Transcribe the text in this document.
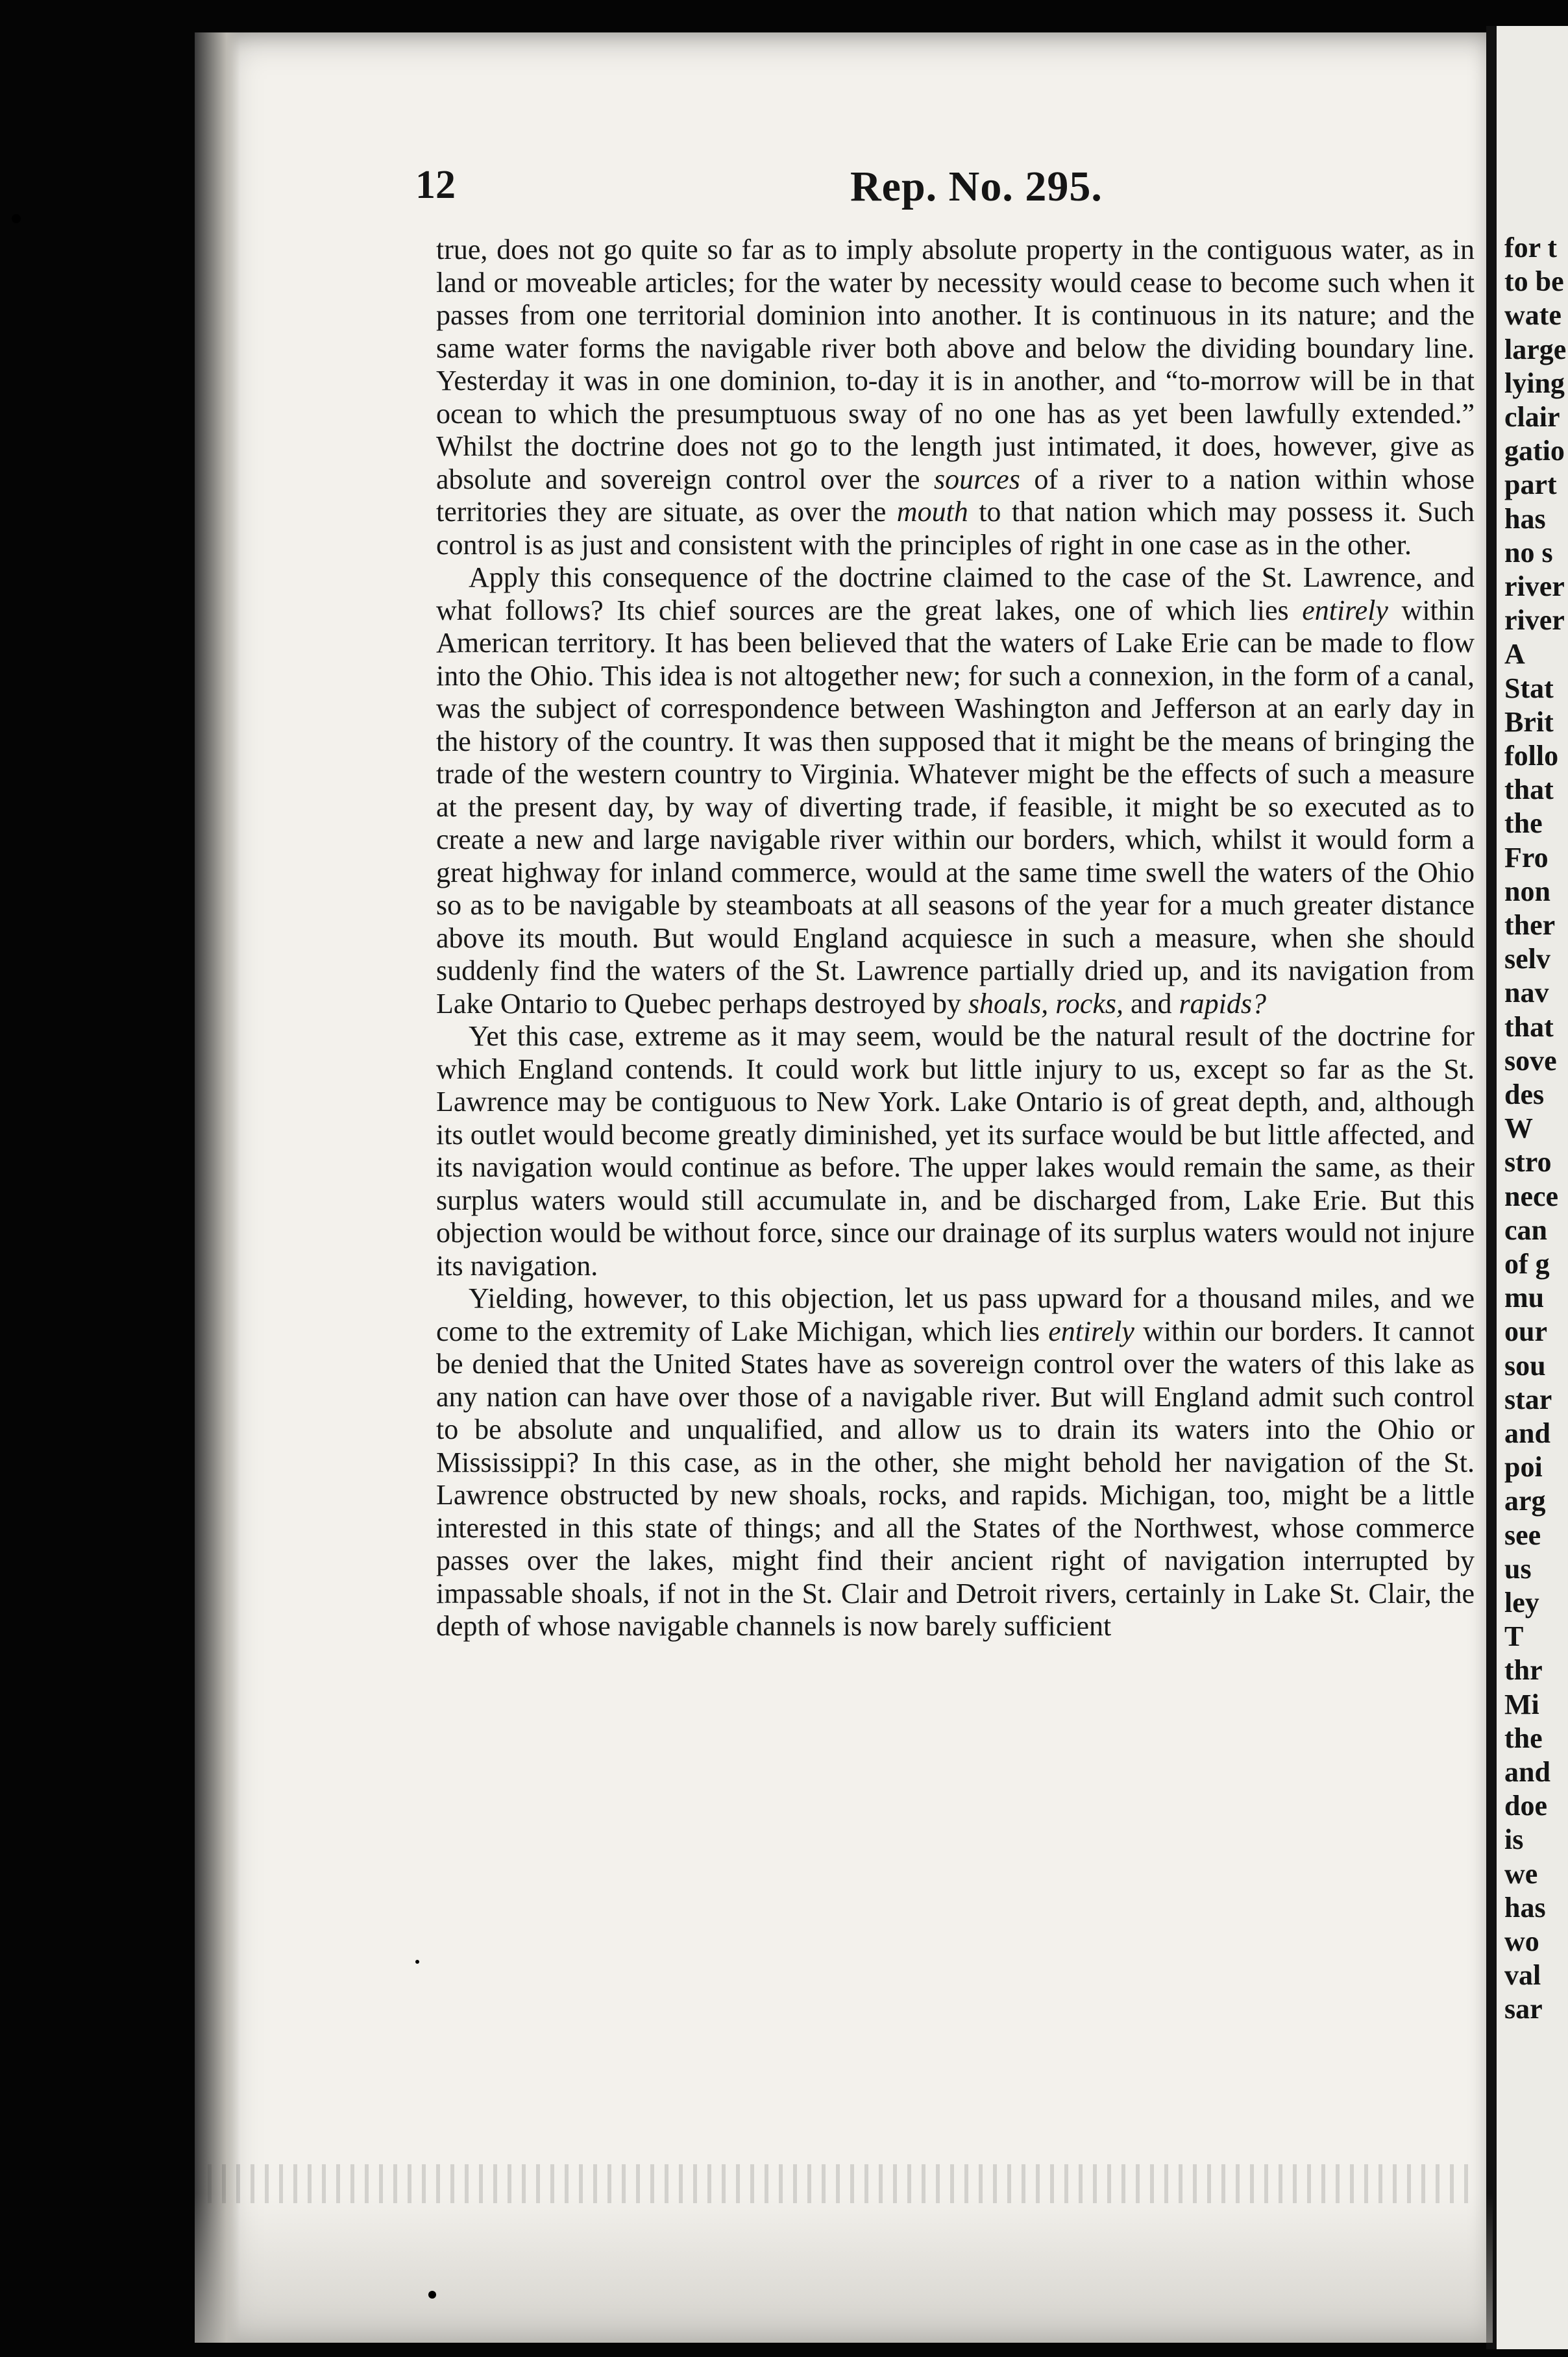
for t
to be
wate
large
lying
clair
gatio
part
has
no s
river
river
A
Stat
Brit
follo
that
the
Fro
non
ther
selv
nav
that
sove
des
W
stro
nece
can
of g
mu
our
sou
star
and
poi
arg
see
us
ley
T
thr
Mi
the
and
doe
is
we
has
wo
val
sar
12	Rep. No. 295.

true, does not go quite so far as to imply absolute property in the contiguous water, as in land or moveable articles; for the water by necessity would cease to become such when it passes from one territorial dominion into another. It is continuous in its nature; and the same water forms the navigable river both above and below the dividing boundary line. Yesterday it was in one dominion, to-day it is in another, and “to-morrow will be in that ocean to which the presumptuous sway of no one has as yet been lawfully extended.” Whilst the doctrine does not go to the length just intimated, it does, however, give as absolute and sovereign control over the sources of a river to a nation within whose territories they are situate, as over the mouth to that nation which may possess it. Such control is as just and consistent with the principles of right in one case as in the other.

Apply this consequence of the doctrine claimed to the case of the St. Lawrence, and what follows? Its chief sources are the great lakes, one of which lies entirely within American territory. It has been believed that the waters of Lake Erie can be made to flow into the Ohio. This idea is not altogether new; for such a connexion, in the form of a canal, was the subject of correspondence between Washington and Jefferson at an early day in the history of the country. It was then supposed that it might be the means of bringing the trade of the western country to Virginia. Whatever might be the effects of such a measure at the present day, by way of diverting trade, if feasible, it might be so executed as to create a new and large navigable river within our borders, which, whilst it would form a great highway for inland commerce, would at the same time swell the waters of the Ohio so as to be navigable by steamboats at all seasons of the year for a much greater distance above its mouth. But would England acquiesce in such a measure, when she should suddenly find the waters of the St. Lawrence partially dried up, and its navigation from Lake Ontario to Quebec perhaps destroyed by shoals, rocks, and rapids?

Yet this case, extreme as it may seem, would be the natural result of the doctrine for which England contends. It could work but little injury to us, except so far as the St. Lawrence may be contiguous to New York. Lake Ontario is of great depth, and, although its outlet would become greatly diminished, yet its surface would be but little affected, and its navigation would continue as before. The upper lakes would remain the same, as their surplus waters would still accumulate in, and be discharged from, Lake Erie. But this objection would be without force, since our drainage of its surplus waters would not injure its navigation.

Yielding, however, to this objection, let us pass upward for a thousand miles, and we come to the extremity of Lake Michigan, which lies entirely within our borders. It cannot be denied that the United States have as sovereign control over the waters of this lake as any nation can have over those of a navigable river. But will England admit such control to be absolute and unqualified, and allow us to drain its waters into the Ohio or Mississippi? In this case, as in the other, she might behold her navigation of the St. Lawrence obstructed by new shoals, rocks, and rapids. Michigan, too, might be a little interested in this state of things; and all the States of the Northwest, whose commerce passes over the lakes, might find their ancient right of navigation interrupted by impassable shoals, if not in the St. Clair and Detroit rivers, certainly in Lake St. Clair, the depth of whose navigable channels is now barely sufficient
